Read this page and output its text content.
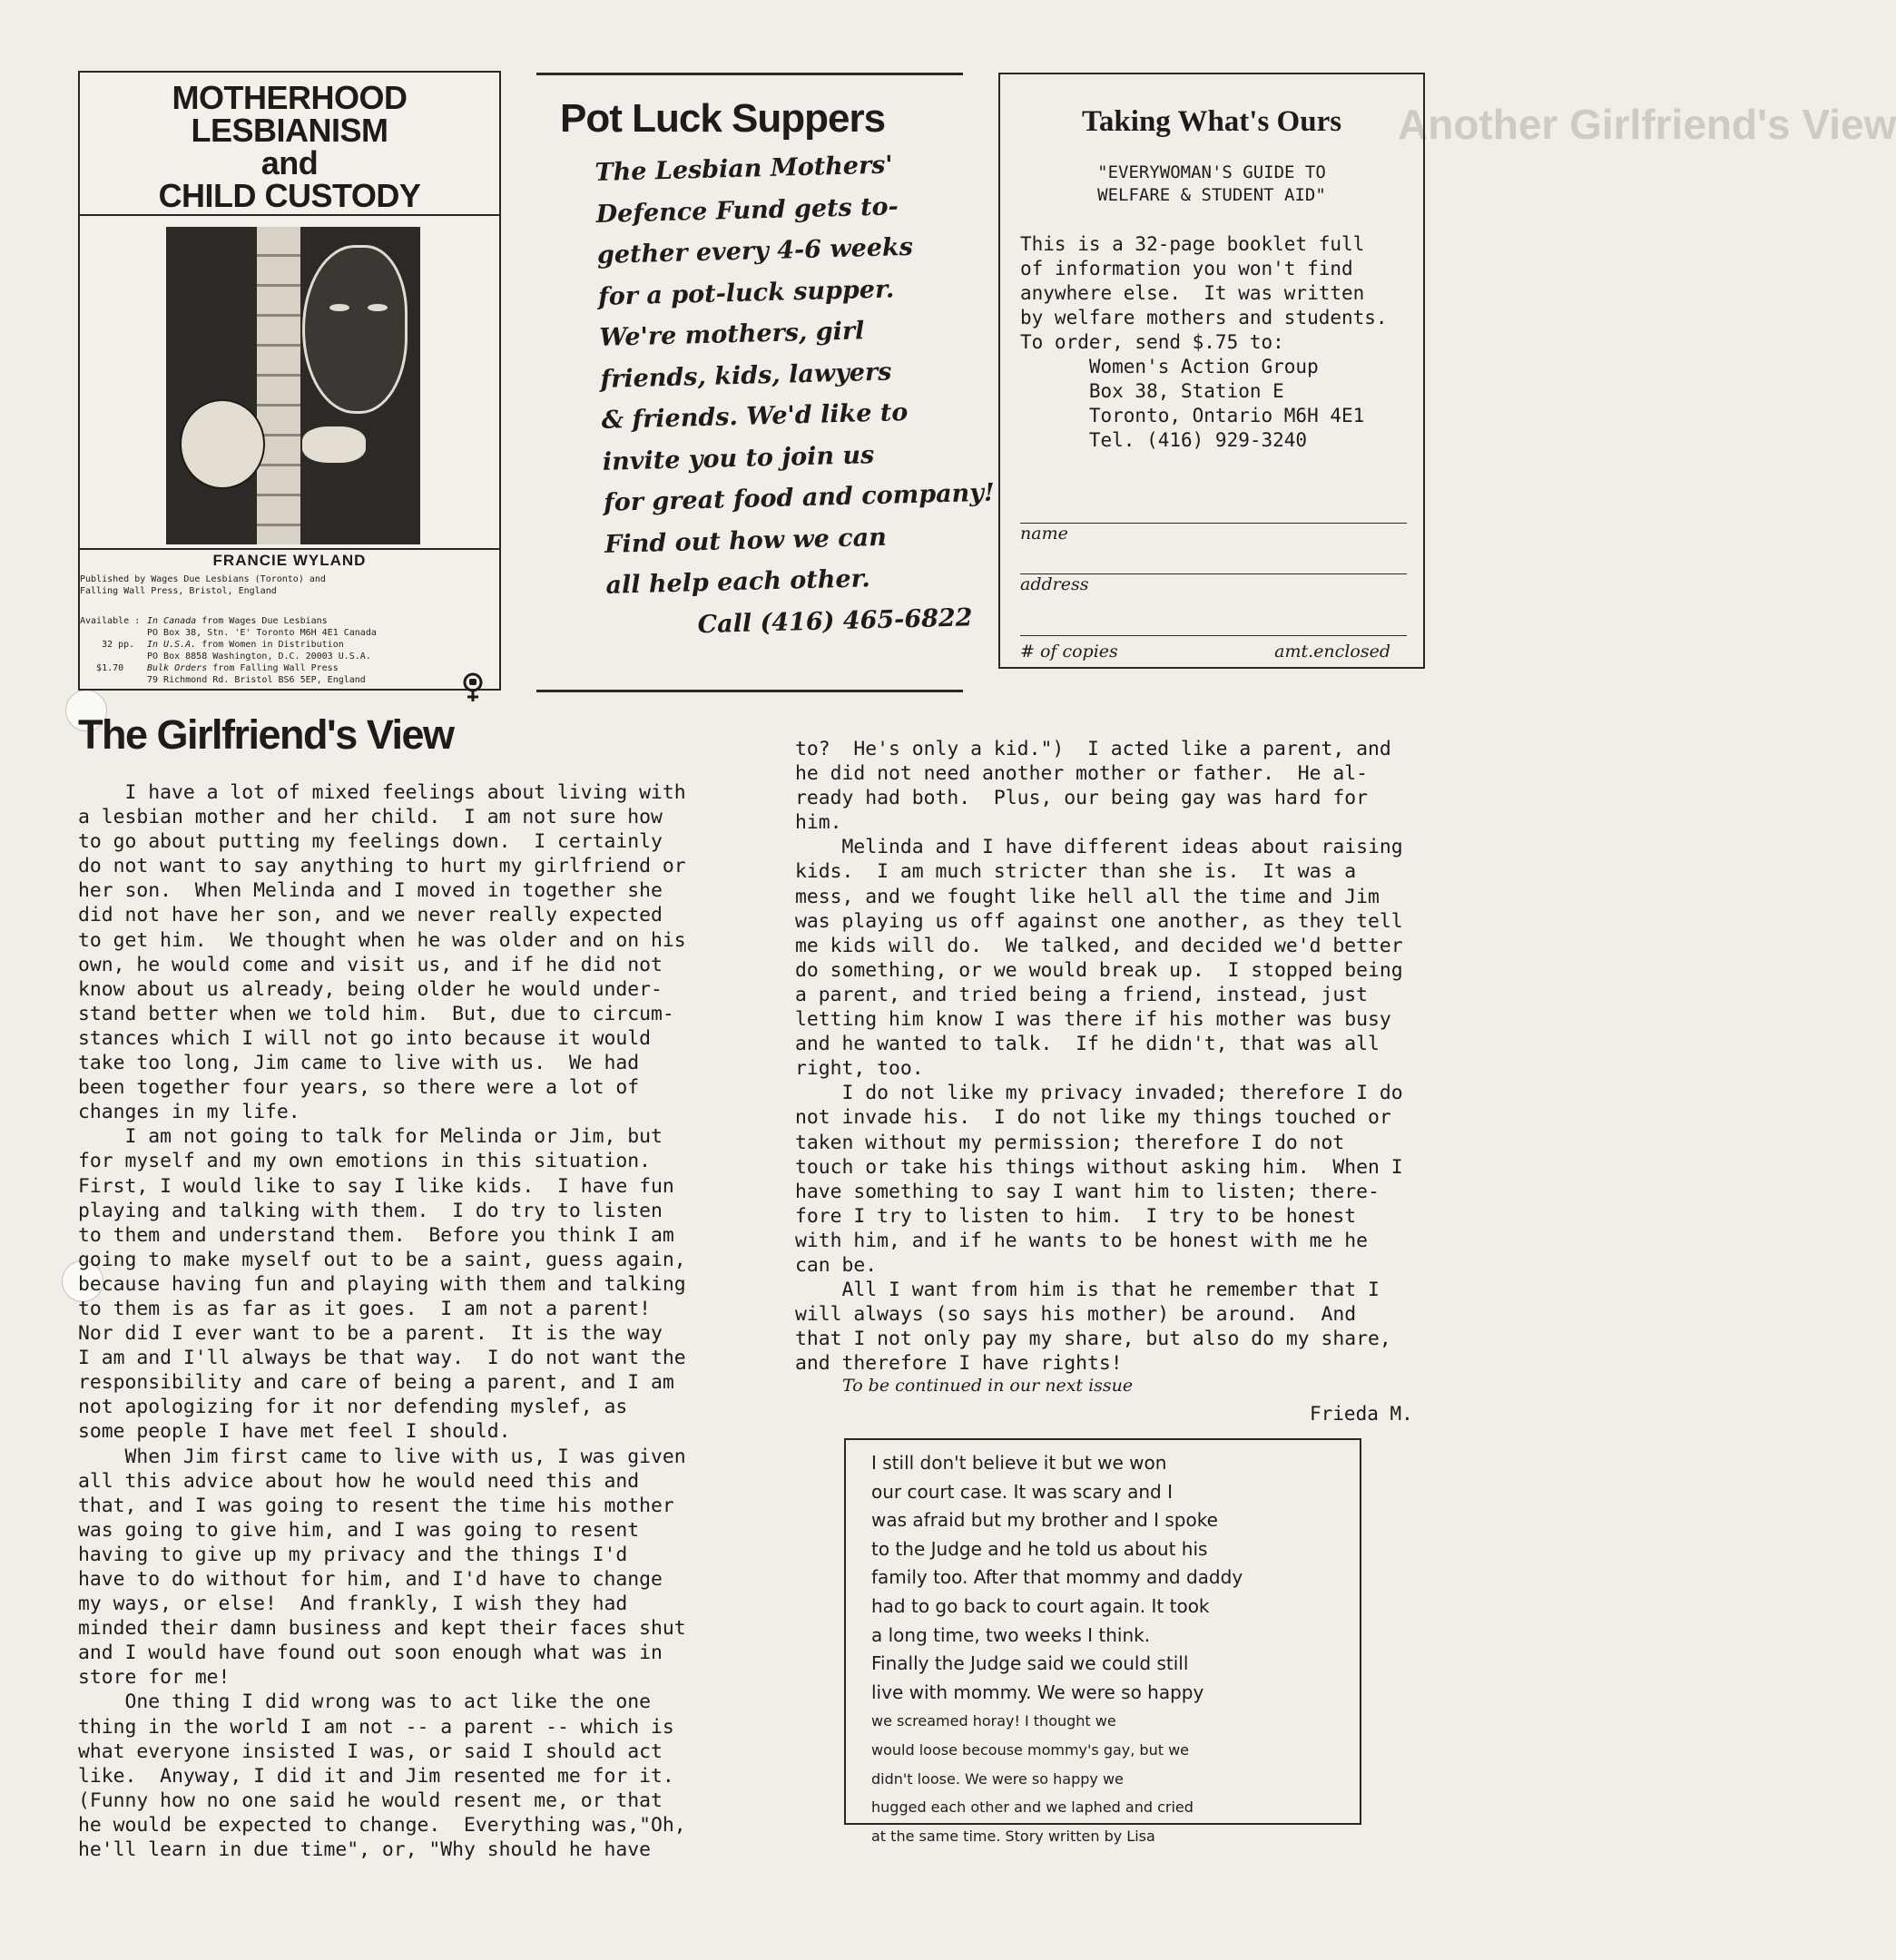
Another Girlfriend's View
MOTHERHOOD
LESBIANISM
and
CHILD CUSTODY
FRANCIE WYLAND
Published by Wages Due Lesbians (Toronto) and
Falling Wall Press, Bristol, England
Available : In Canada from Wages Due Lesbians
PO Box 38, Stn. 'E' Toronto M6H 4E1 Canada
32 pp.	In U.S.A. from Women in Distribution
PO Box 8858 Washington, D.C. 20003 U.S.A.
$1.70	Bulk Orders from Falling Wall Press
79 Richmond Rd. Bristol BS6 5EP, England
Pot Luck Suppers
The Lesbian Mothers'
Defence Fund gets to-
gether every 4-6 weeks
for a pot-luck supper.
We're mothers, girl
friends, kids, lawyers
& friends. We'd like to
invite you to join us
for great food and company!
Find out how we can
all help each other.
Call (416) 465-6822
Taking What's Ours
"EVERYWOMAN'S GUIDE TO
WELFARE & STUDENT AID"
This is a 32-page booklet full
of information you won't find
anywhere else.  It was written
by welfare mothers and students.
To order, send $.75 to:
Women's Action Group
Box 38, Station E
Toronto, Ontario M6H 4E1
Tel. (416) 929-3240
name
address
# of copies	amt.enclosed
The Girlfriend's View
I have a lot of mixed feelings about living with
a lesbian mother and her child.  I am not sure how
to go about putting my feelings down.  I certainly
do not want to say anything to hurt my girlfriend or
her son.  When Melinda and I moved in together she
did not have her son, and we never really expected
to get him.  We thought when he was older and on his
own, he would come and visit us, and if he did not
know about us already, being older he would under-
stand better when we told him.  But, due to circum-
stances which I will not go into because it would
take too long, Jim came to live with us.  We had
been together four years, so there were a lot of
changes in my life.
I am not going to talk for Melinda or Jim, but
for myself and my own emotions in this situation.
First, I would like to say I like kids.  I have fun
playing and talking with them.  I do try to listen
to them and understand them.  Before you think I am
going to make myself out to be a saint, guess again,
because having fun and playing with them and talking
to them is as far as it goes.  I am not a parent!
Nor did I ever want to be a parent.  It is the way
I am and I'll always be that way.  I do not want the
responsibility and care of being a parent, and I am
not apologizing for it nor defending myslef, as
some people I have met feel I should.
When Jim first came to live with us, I was given
all this advice about how he would need this and
that, and I was going to resent the time his mother
was going to give him, and I was going to resent
having to give up my privacy and the things I'd
have to do without for him, and I'd have to change
my ways, or else!  And frankly, I wish they had
minded their damn business and kept their faces shut
and I would have found out soon enough what was in
store for me!
One thing I did wrong was to act like the one
thing in the world I am not -- a parent -- which is
what everyone insisted I was, or said I should act
like.  Anyway, I did it and Jim resented me for it.
(Funny how no one said he would resent me, or that
he would be expected to change.  Everything was,"Oh,
he'll learn in due time", or, "Why should he have
to?  He's only a kid.")  I acted like a parent, and
he did not need another mother or father.  He al-
ready had both.  Plus, our being gay was hard for
him.
Melinda and I have different ideas about raising
kids.  I am much stricter than she is.  It was a
mess, and we fought like hell all the time and Jim
was playing us off against one another, as they tell
me kids will do.  We talked, and decided we'd better
do something, or we would break up.  I stopped being
a parent, and tried being a friend, instead, just
letting him know I was there if his mother was busy
and he wanted to talk.  If he didn't, that was all
right, too.
I do not like my privacy invaded; therefore I do
not invade his.  I do not like my things touched or
taken without my permission; therefore I do not
touch or take his things without asking him.  When I
have something to say I want him to listen; there-
fore I try to listen to him.  I try to be honest
with him, and if he wants to be honest with me he
can be.
All I want from him is that he remember that I
will always (so says his mother) be around.  And
that I not only pay my share, but also do my share,
and therefore I have rights!
To be continued in our next issue
Frieda M.
I still don't believe it but we won
our court case. It was scary and I
was afraid but my brother and I spoke
to the Judge and he told us about his
family too. After that mommy and daddy
had to go back to court again. It took
a long time, two weeks I think.
Finally the Judge said we could still
live with mommy. We were so happy
we screamed horay! I thought we
would loose becouse mommy's gay, but we
didn't loose. We were so happy we
hugged each other and we laphed and cried
at the same time. Story written by Lisa
